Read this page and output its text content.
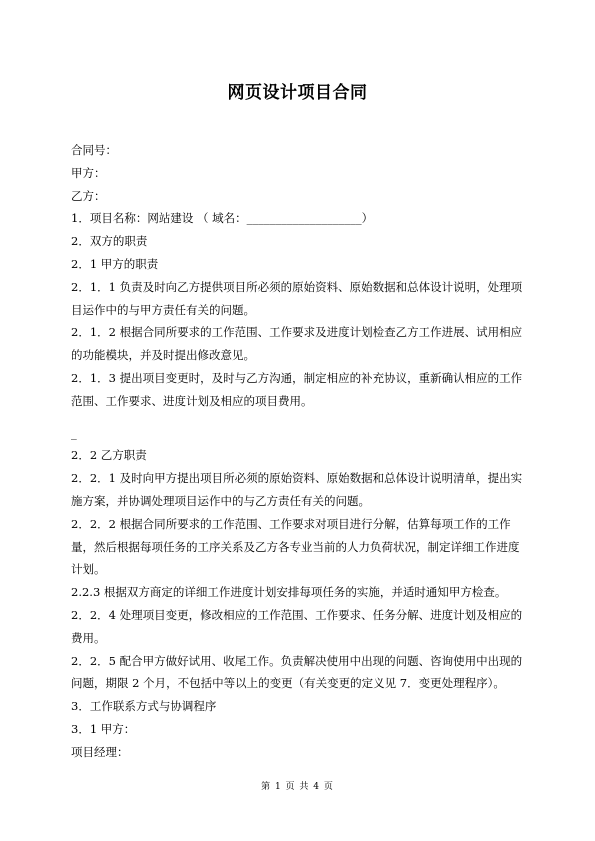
网页设计项目合同

合同号：

甲方：

乙方：

1．项目名称：网站建设 （ 域名：____________________）

2．双方的职责

2．1 甲方的职责

2．1．1 负责及时向乙方提供项目所必须的原始资料、原始数据和总体设计说明，处理项目运作中的与甲方责任有关的问题。

2．1．2 根据合同所要求的工作范围、工作要求及进度计划检查乙方工作进展、试用相应的功能模块，并及时提出修改意见。

2．1．3 提出项目变更时，及时与乙方沟通，制定相应的补充协议，重新确认相应的工作范围、工作要求、进度计划及相应的项目费用。

_

2．2 乙方职责

2．2．1 及时向甲方提出项目所必须的原始资料、原始数据和总体设计说明清单，提出实施方案，并协调处理项目运作中的与乙方责任有关的问题。

2．2．2 根据合同所要求的工作范围、工作要求对项目进行分解，估算每项工作的工作量，然后根据每项任务的工序关系及乙方各专业当前的人力负荷状况，制定详细工作进度计划。

2.2.3 根据双方商定的详细工作进度计划安排每项任务的实施，并适时通知甲方检查。

2．2．4 处理项目变更，修改相应的工作范围、工作要求、任务分解、进度计划及相应的费用。

2．2．5 配合甲方做好试用、收尾工作。负责解决使用中出现的问题、咨询使用中出现的问题，期限 2 个月，不包括中等以上的变更（有关变更的定义见 7．变更处理程序）。

3．工作联系方式与协调程序

3．1 甲方：

项目经理：

第 1 页 共 4 页
